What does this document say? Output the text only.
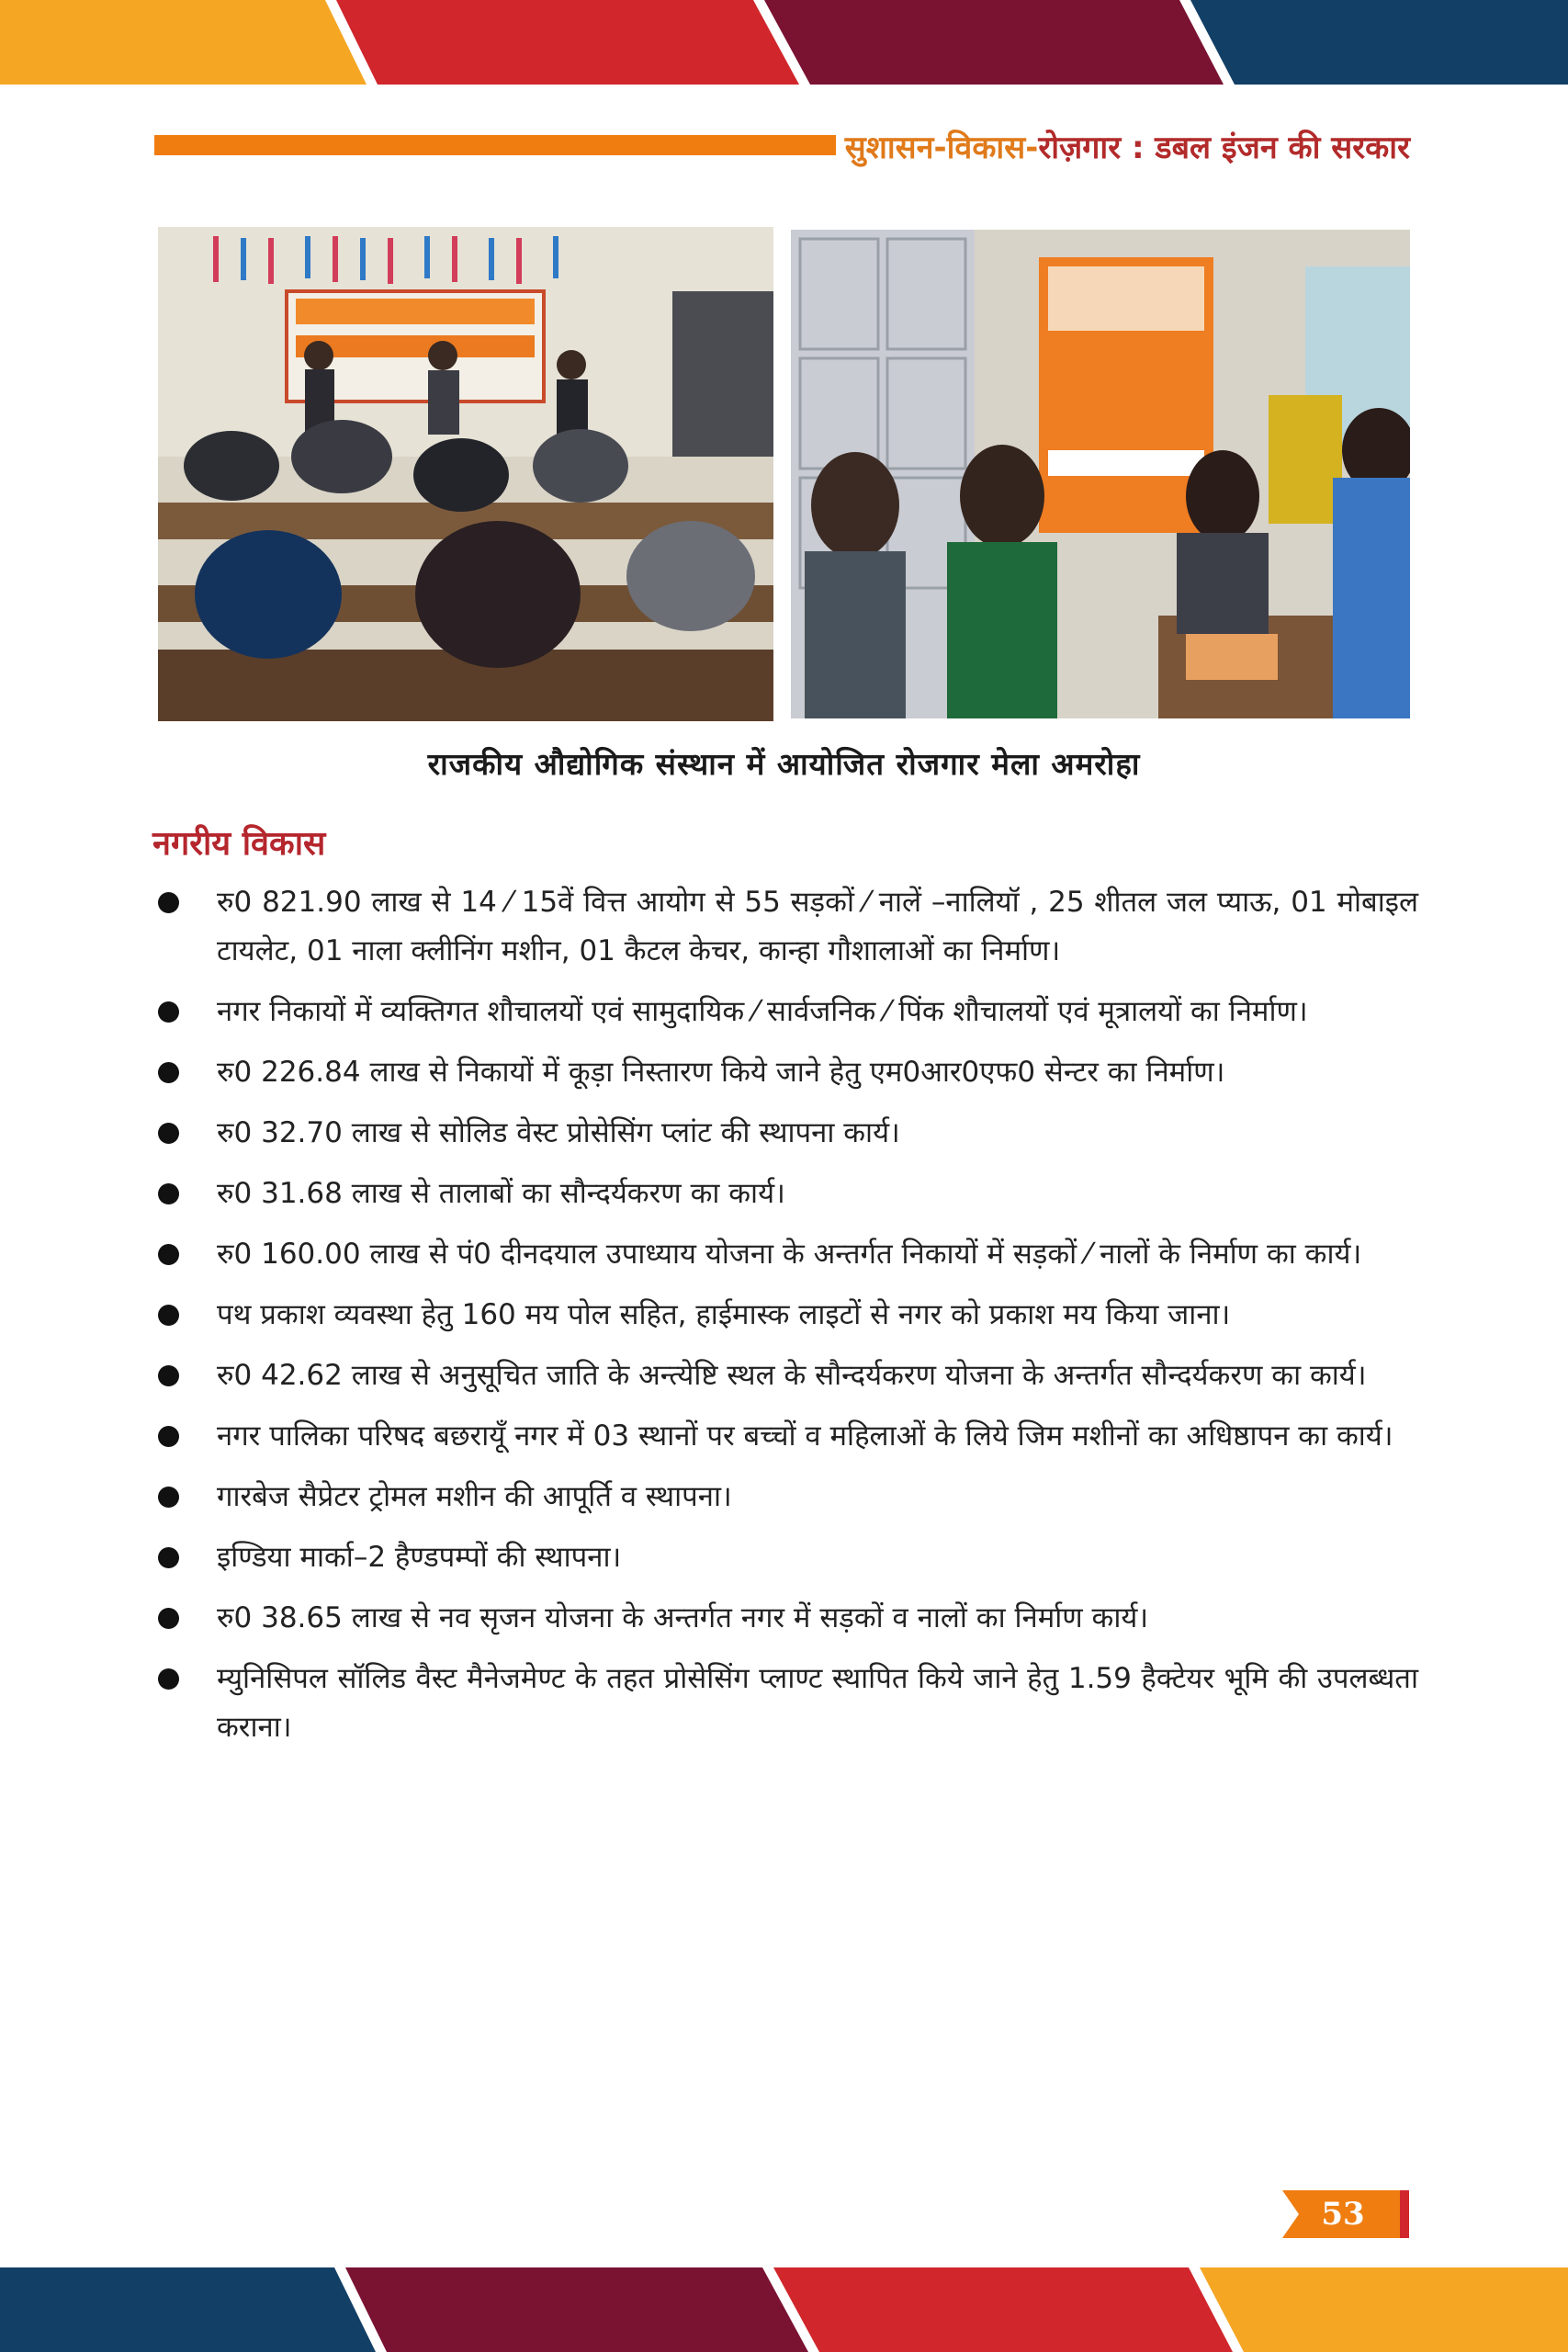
सुशासन-विकास-रोज़गार : डबल इंजन की सरकार
राजकीय औद्योगिक संस्थान में आयोजित रोजगार मेला अमरोहा
नगरीय विकास
रु0 821.90 लाख से 14 ⁄ 15वें वित्त आयोग से 55 सड़कों ⁄ नालें –नालियॉ , 25 शीतल जल प्याऊ, 01 मोबाइल टायलेट, 01 नाला क्लीनिंग मशीन, 01 कैटल केचर, कान्हा गौशालाओं का निर्माण।
नगर निकायों में व्यक्तिगत शौचालयों एवं सामुदायिक ⁄ सार्वजनिक ⁄ पिंक शौचालयों एवं मूत्रालयों का निर्माण।
रु0 226.84 लाख से निकायों में कूड़ा निस्तारण किये जाने हेतु एम0आर0एफ0 सेन्टर का निर्माण।
रु0 32.70 लाख से सोलिड वेस्ट प्रोसेसिंग प्लांट की स्थापना कार्य।
रु0 31.68 लाख से तालाबों का सौन्दर्यकरण का कार्य।
रु0 160.00 लाख से पं0 दीनदयाल उपाध्याय योजना के अन्तर्गत निकायों में सड़कों ⁄ नालों के निर्माण का कार्य।
पथ प्रकाश व्यवस्था हेतु 160 मय पोल सहित, हाईमास्क लाइटों से नगर को प्रकाश मय किया जाना।
रु0 42.62 लाख से अनुसूचित जाति के अन्त्येष्टि स्थल के सौन्दर्यकरण योजना के अन्तर्गत सौन्दर्यकरण का कार्य।
नगर पालिका परिषद बछरायूँ नगर में 03 स्थानों पर बच्चों व महिलाओं के लिये जिम मशीनों का अधिष्ठापन का कार्य।
गारबेज सैप्रेटर ट्रोमल मशीन की आपूर्ति व स्थापना।
इण्डिया मार्का–2 हैण्डपम्पों की स्थापना।
रु0 38.65 लाख से नव सृजन योजना के अन्तर्गत नगर में सड़कों व नालों का निर्माण कार्य।
म्युनिसिपल सॉलिड वैस्ट मैनेजमेण्ट के तहत प्रोसेसिंग प्लाण्ट स्थापित किये जाने हेतु 1.59 हैक्टेयर भूमि की उपलब्धता कराना।
53
